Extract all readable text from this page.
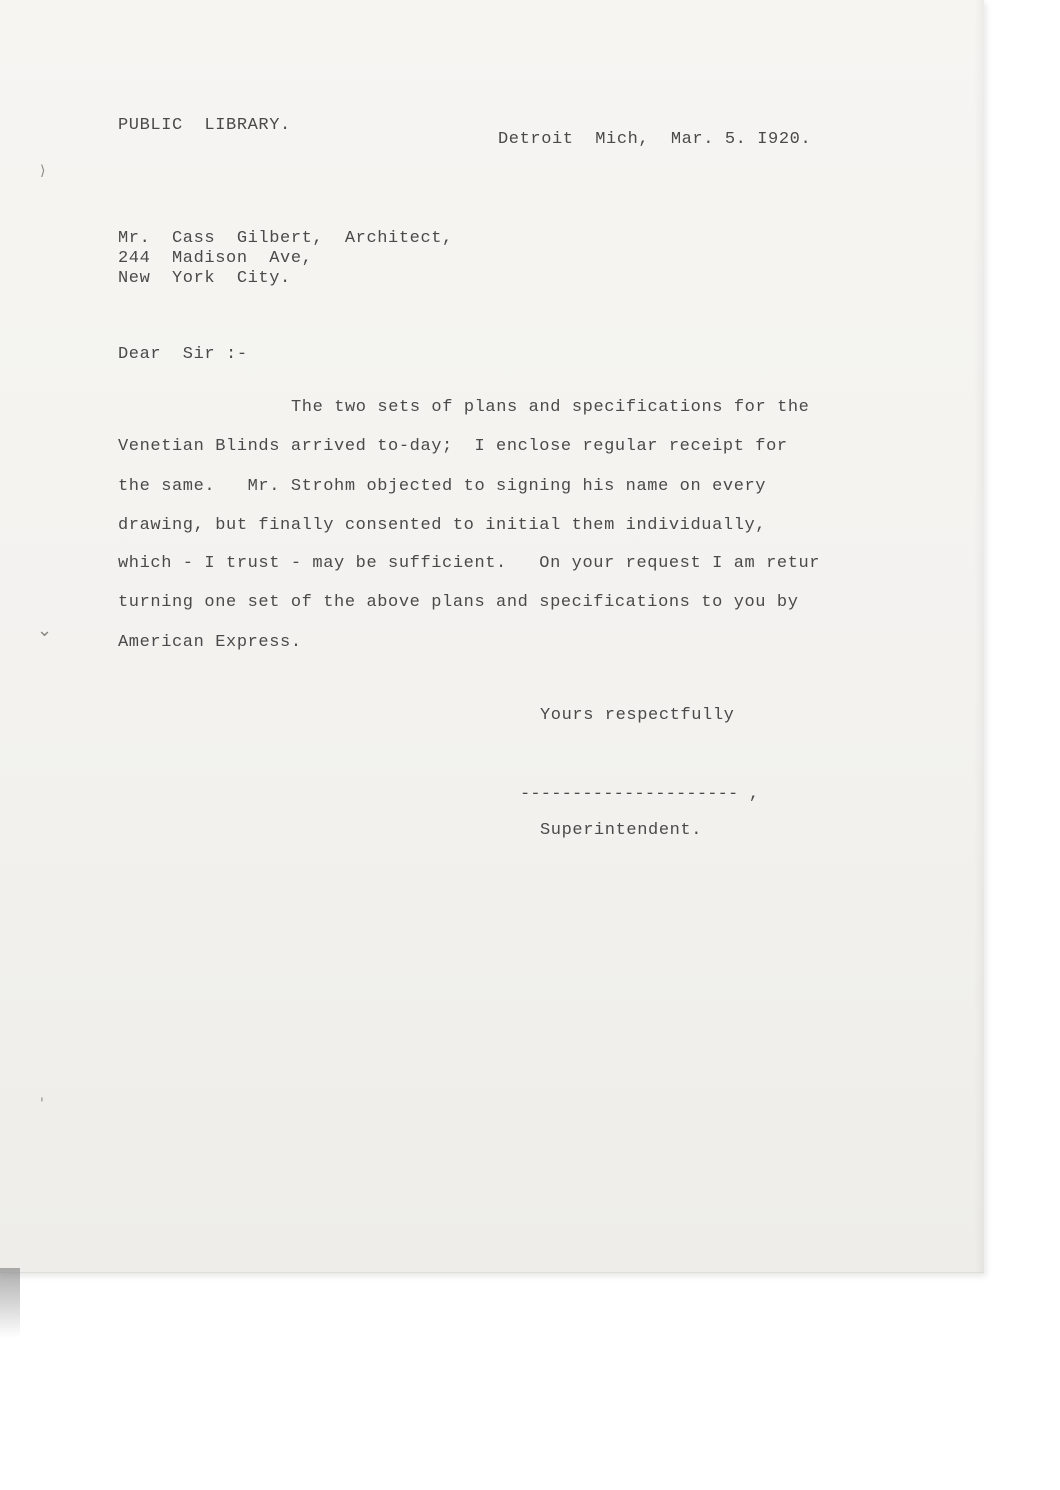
⟩
⌄
'

PUBLIC  LIBRARY.

Detroit  Mich,  Mar. 5. I920.

Mr.  Cass  Gilbert,  Architect,

244  Madison  Ave,

New  York  City.

Dear  Sir :-

The two sets of plans and specifications for the

Venetian Blinds arrived to-day;  I enclose regular receipt for

the same.   Mr. Strohm objected to signing his name on every

drawing, but finally consented to initial them individually,

which - I trust - may be sufficient.   On your request I am retur

turning one set of the above plans and specifications to you by

American Express.

Yours respectfully

--------------------- ,

Superintendent.
